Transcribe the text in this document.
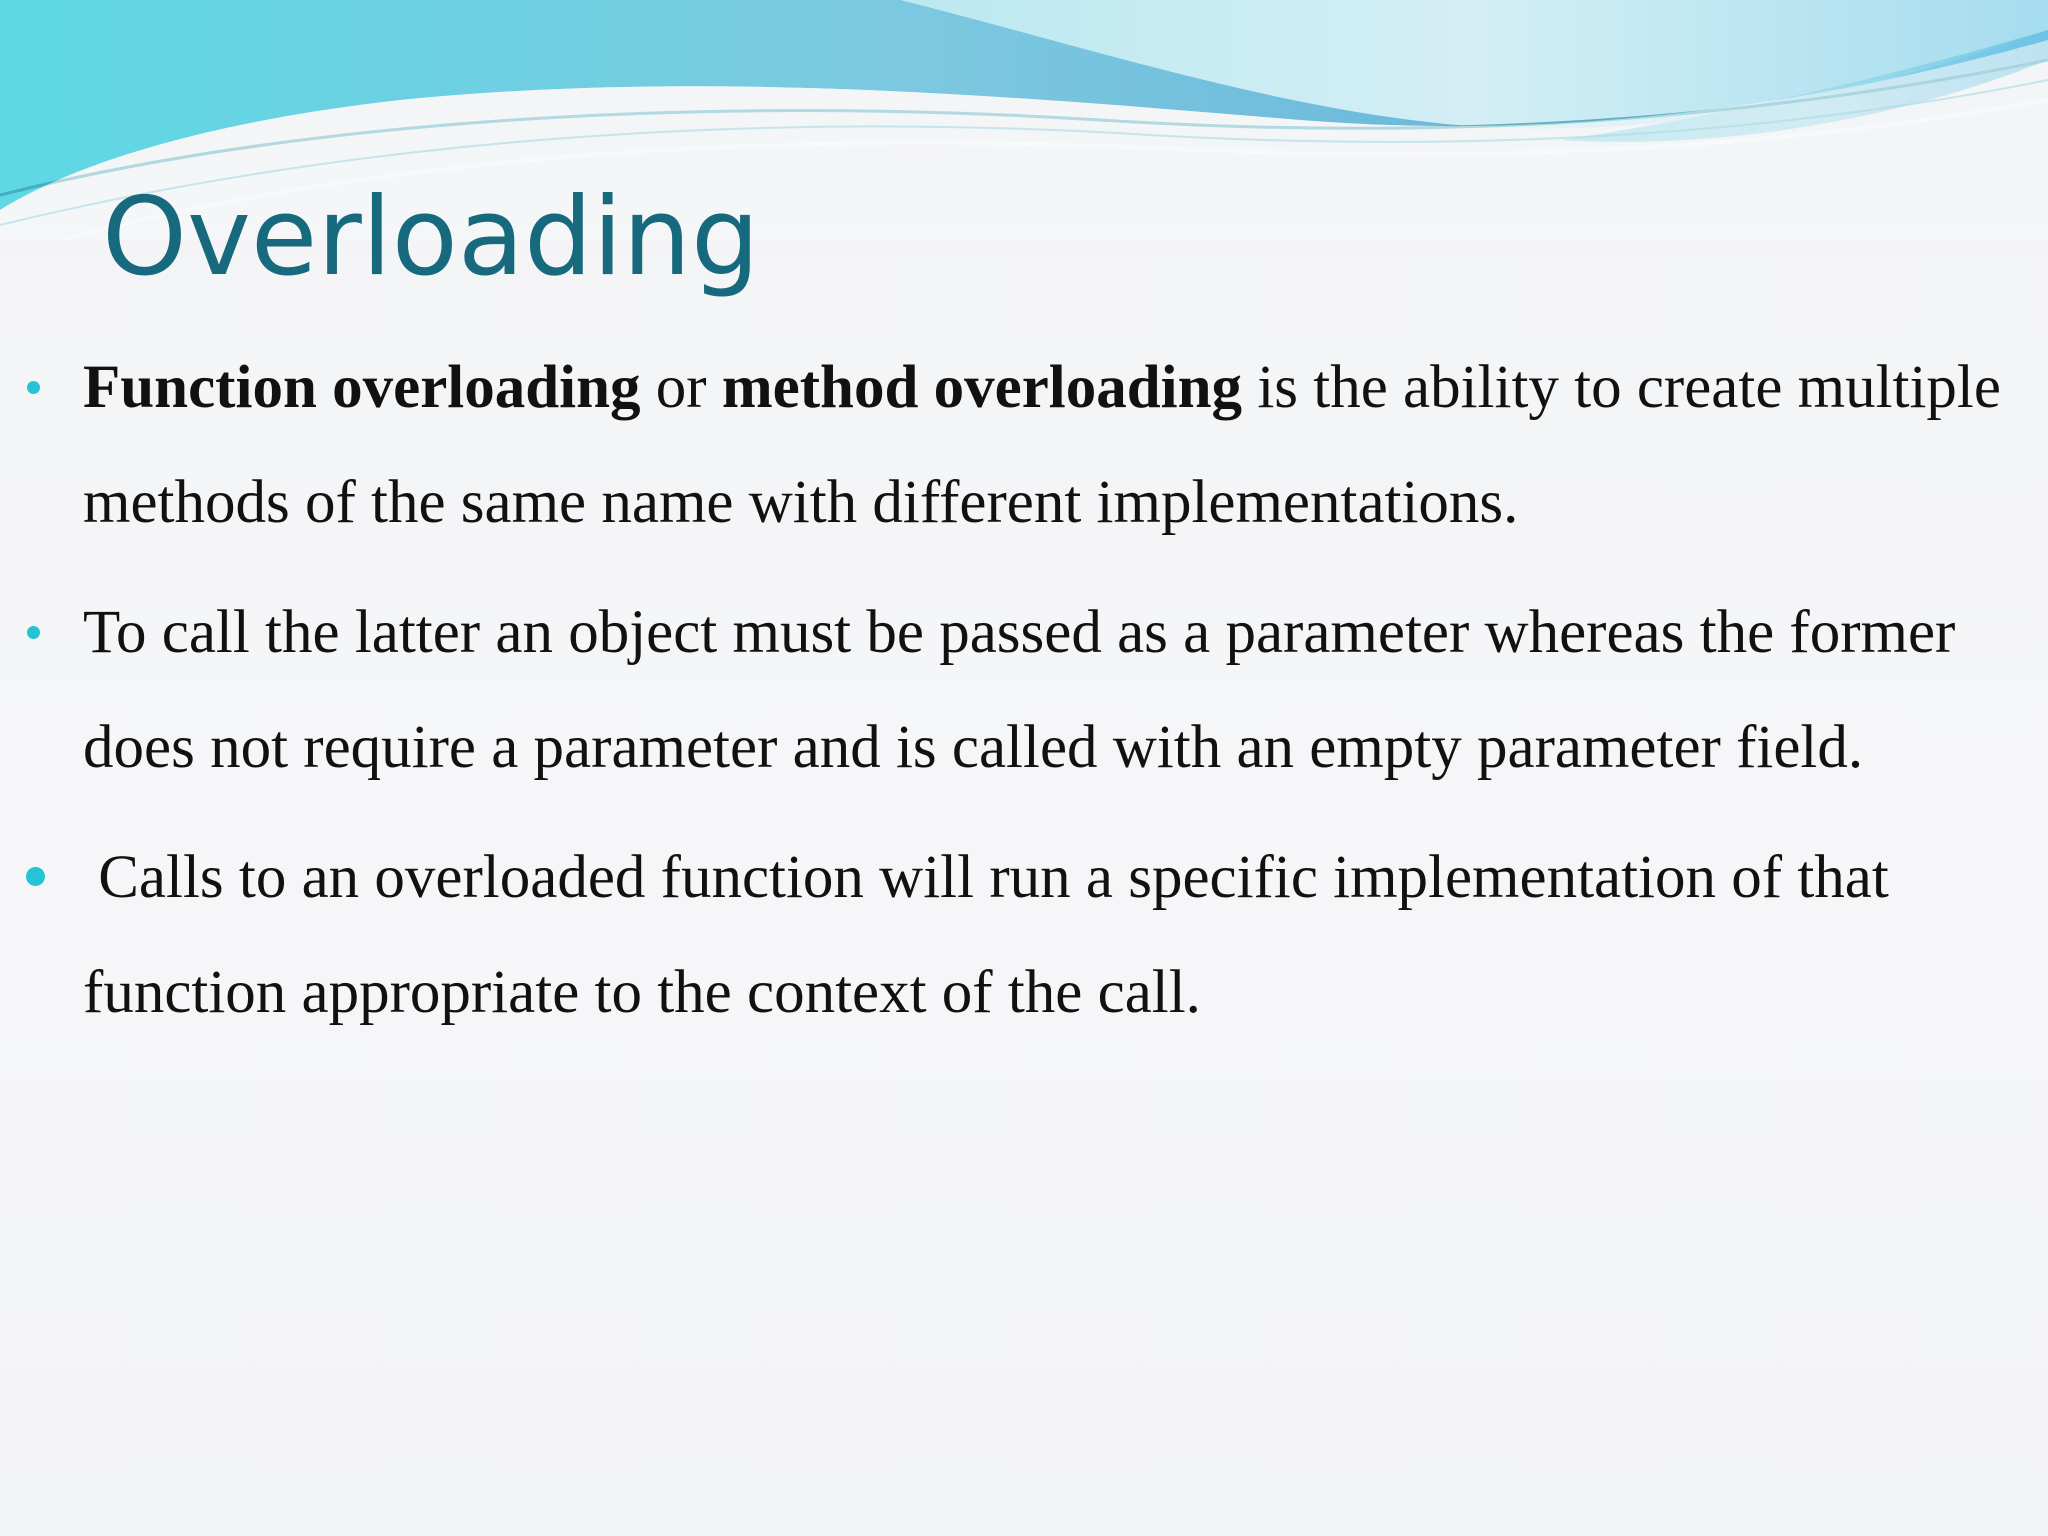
Overloading
Function overloading or method overloading is the ability to create multiple methods of the same name with different implementations.
To call the latter an object must be passed as a parameter whereas the former does not require a parameter and is called with an empty parameter field.
Calls to an overloaded function will run a specific implementation of that function appropriate to the context of the call.
